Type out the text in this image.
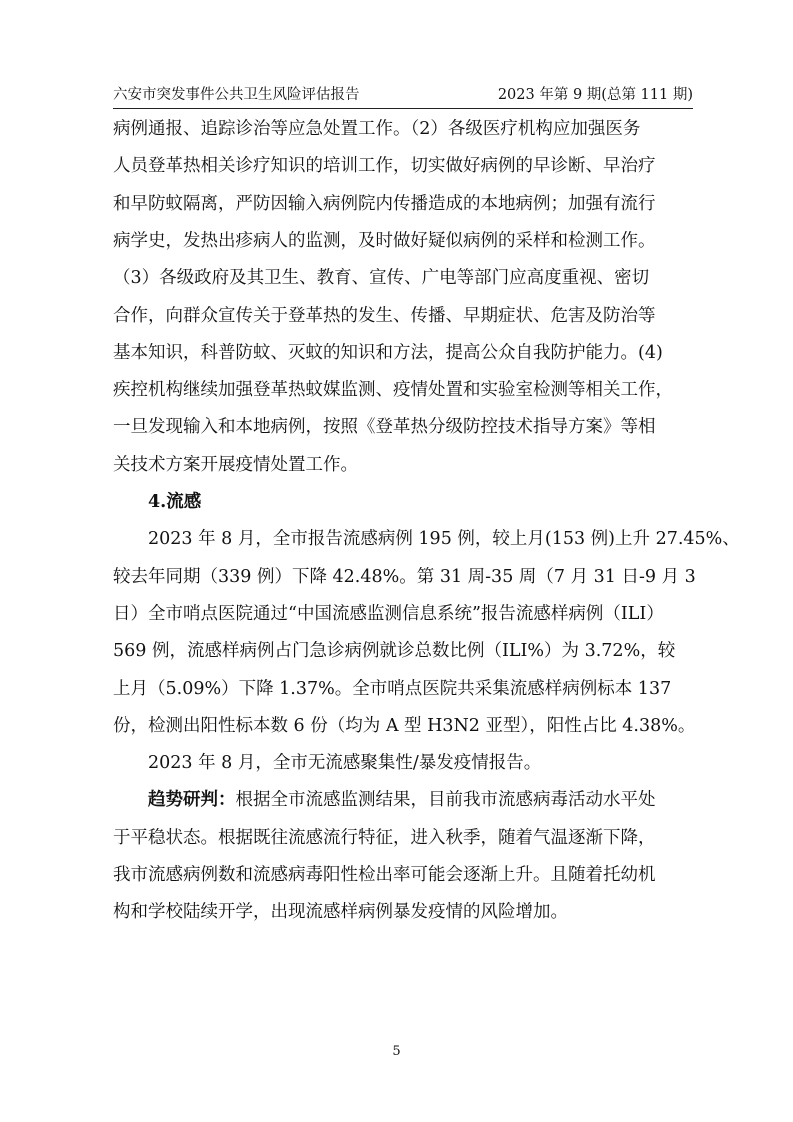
六安市突发事件公共卫生风险评估报告	2023 年第 9 期(总第 111 期)
病例通报、追踪诊治等应急处置工作。（2）各级医疗机构应加强医务
人员登革热相关诊疗知识的培训工作，切实做好病例的早诊断、早治疗
和早防蚊隔离，严防因输入病例院内传播造成的本地病例；加强有流行
病学史，发热出疹病人的监测，及时做好疑似病例的采样和检测工作。
（3）各级政府及其卫生、教育、宣传、广电等部门应高度重视、密切
合作，向群众宣传关于登革热的发生、传播、早期症状、危害及防治等
基本知识，科普防蚊、灭蚊的知识和方法，提高公众自我防护能力。(4)
疾控机构继续加强登革热蚊媒监测、疫情处置和实验室检测等相关工作，
一旦发现输入和本地病例，按照《登革热分级防控技术指导方案》等相
关技术方案开展疫情处置工作。
4.流感
2023 年 8 月，全市报告流感病例 195 例，较上月(153 例)上升 27.45%、
较去年同期（339 例）下降 42.48%。第 31 周-35 周（7 月 31 日-9 月 3
日）全市哨点医院通过“中国流感监测信息系统”报告流感样病例（ILI）
569 例，流感样病例占门急诊病例就诊总数比例（ILI%）为 3.72%，较
上月（5.09%）下降 1.37%。全市哨点医院共采集流感样病例标本 137
份，检测出阳性标本数 6 份（均为 A 型 H3N2 亚型），阳性占比 4.38%。
2023 年 8 月，全市无流感聚集性/暴发疫情报告。
趋势研判：根据全市流感监测结果，目前我市流感病毒活动水平处
于平稳状态。根据既往流感流行特征，进入秋季，随着气温逐渐下降，
我市流感病例数和流感病毒阳性检出率可能会逐渐上升。且随着托幼机
构和学校陆续开学，出现流感样病例暴发疫情的风险增加。
5
